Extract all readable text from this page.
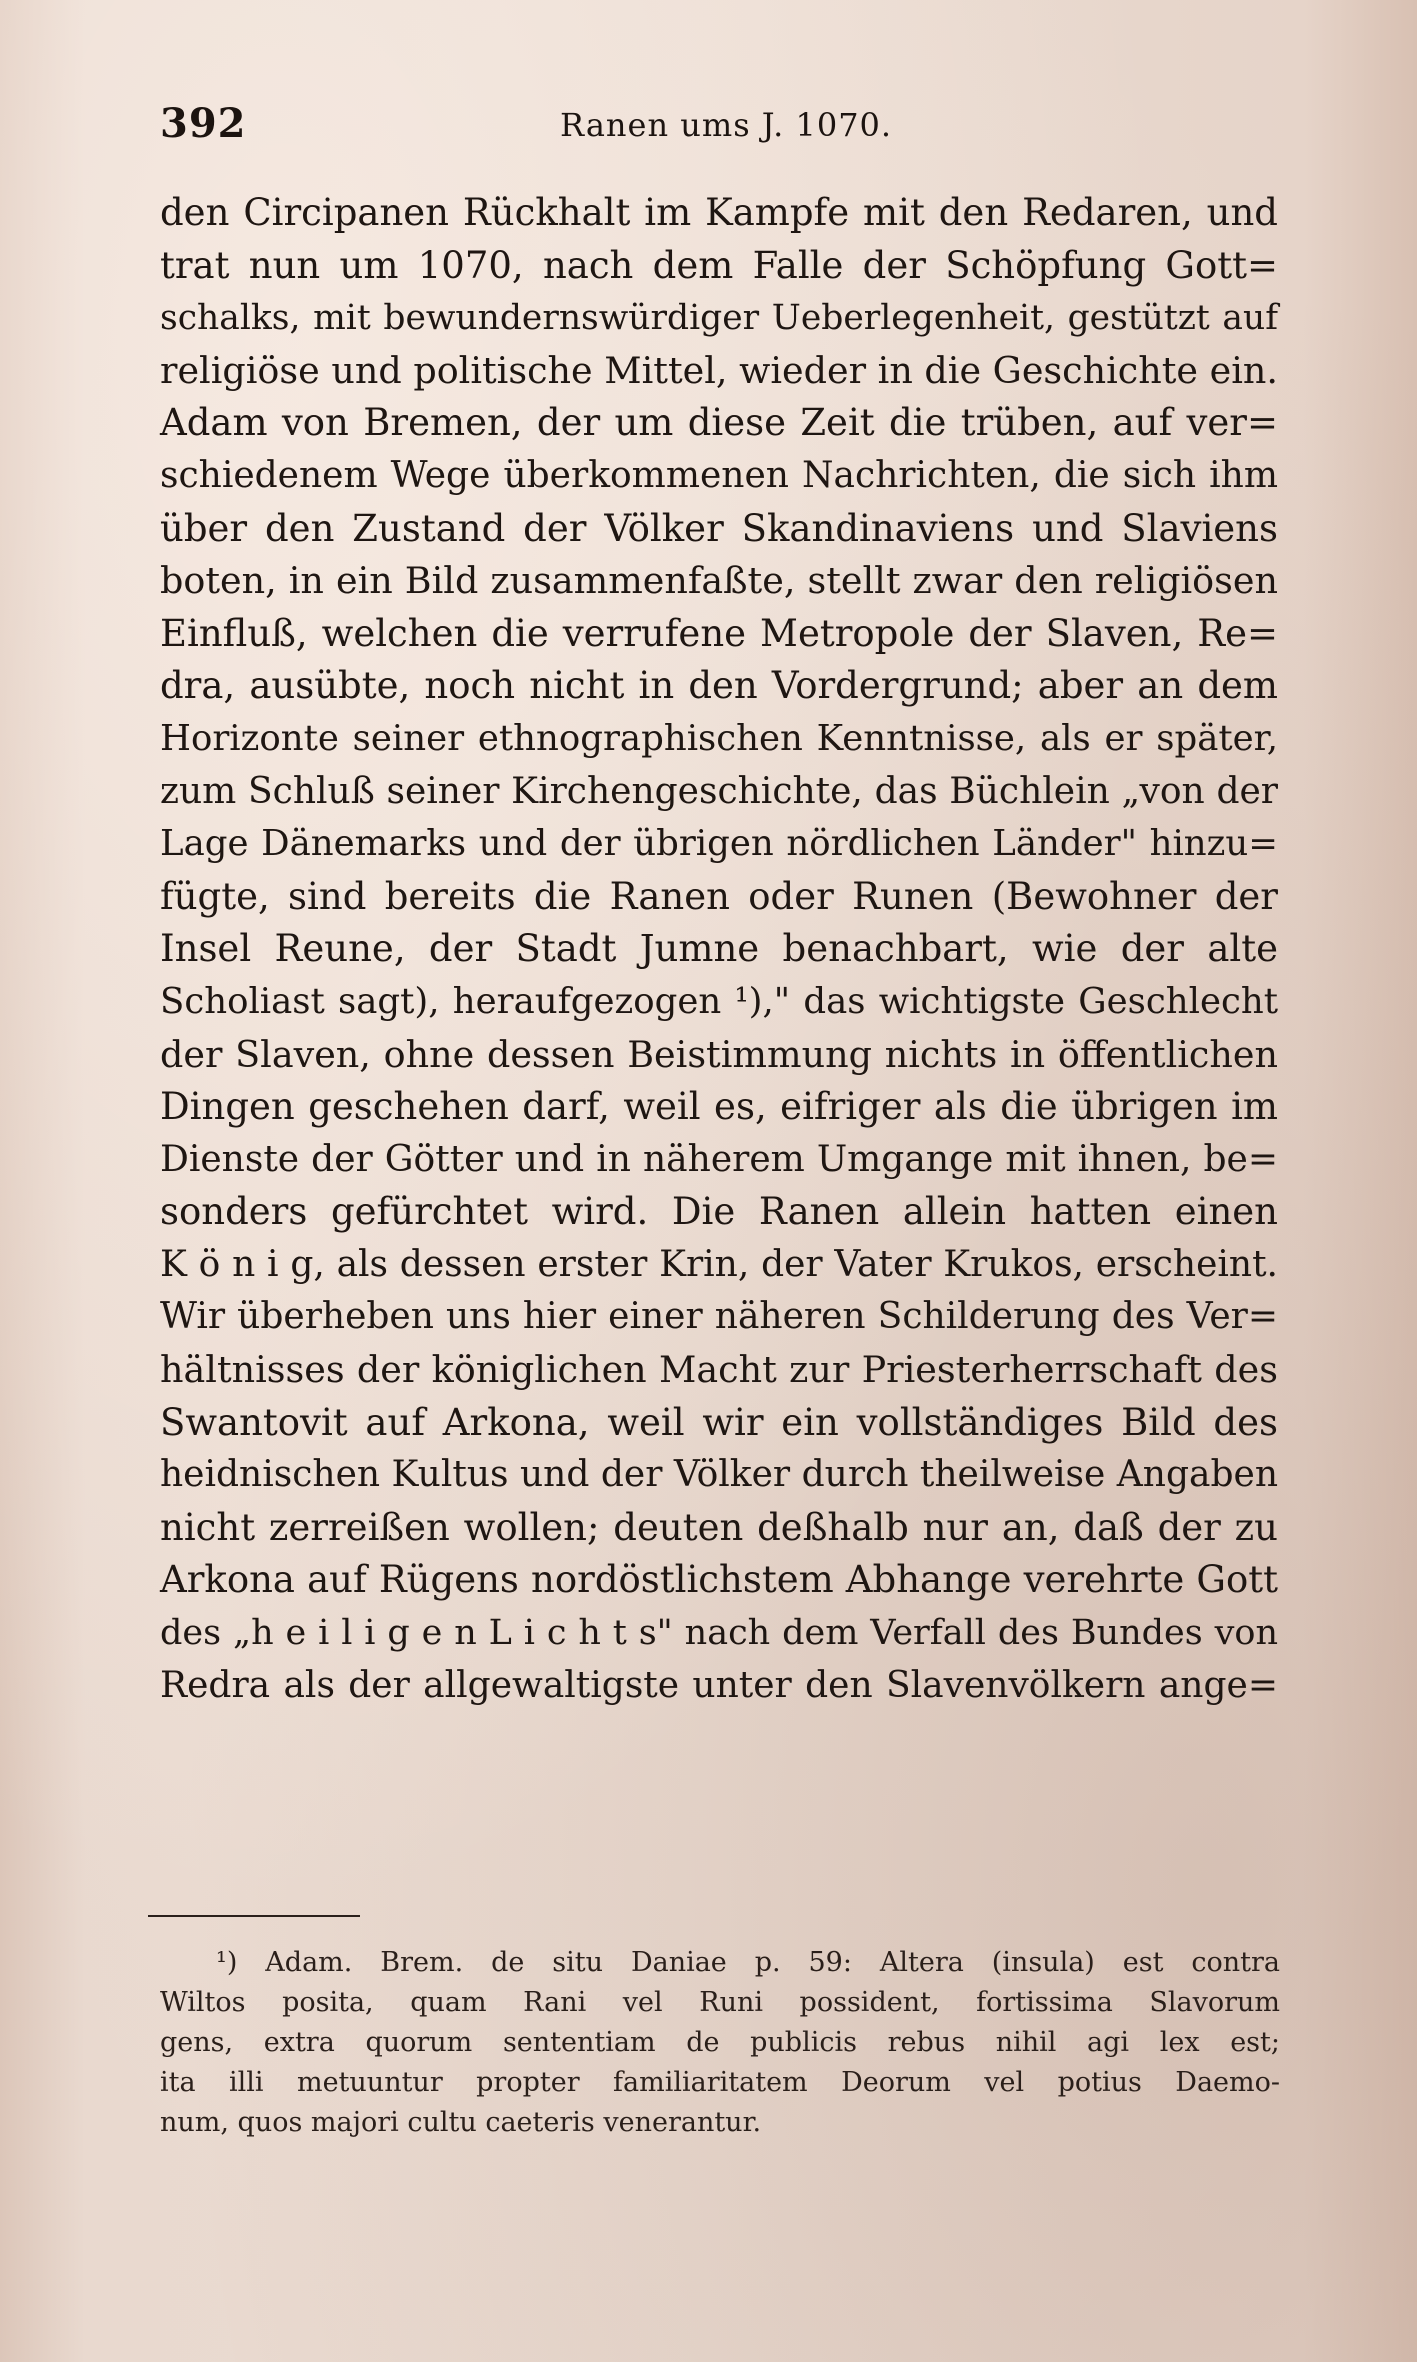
392	Ranen ums J. 1070.
den Circipanen Rückhalt im Kampfe mit den Redaren, und
trat nun um 1070, nach dem Falle der Schöpfung Gott=
schalks, mit bewundernswürdiger Ueberlegenheit, gestützt auf
religiöse und politische Mittel, wieder in die Geschichte ein.
Adam von Bremen, der um diese Zeit die trüben, auf ver=
schiedenem Wege überkommenen Nachrichten, die sich ihm
über den Zustand der Völker Skandinaviens und Slaviens
boten, in ein Bild zusammenfaßte, stellt zwar den religiösen
Einfluß, welchen die verrufene Metropole der Slaven, Re=
dra, ausübte, noch nicht in den Vordergrund; aber an dem
Horizonte seiner ethnographischen Kenntnisse, als er später,
zum Schluß seiner Kirchengeschichte, das Büchlein „von der
Lage Dänemarks und der übrigen nördlichen Länder" hinzu=
fügte, sind bereits die Ranen oder Runen (Bewohner der
Insel Reune, der Stadt Jumne benachbart, wie der alte
Scholiast sagt), heraufgezogen ¹)," das wichtigste Geschlecht
der Slaven, ohne dessen Beistimmung nichts in öffentlichen
Dingen geschehen darf, weil es, eifriger als die übrigen im
Dienste der Götter und in näherem Umgange mit ihnen, be=
sonders gefürchtet wird. Die Ranen allein hatten einen
K ö n i g, als dessen erster Krin, der Vater Krukos, erscheint.
Wir überheben uns hier einer näheren Schilderung des Ver=
hältnisses der königlichen Macht zur Priesterherrschaft des
Swantovit auf Arkona, weil wir ein vollständiges Bild des
heidnischen Kultus und der Völker durch theilweise Angaben
nicht zerreißen wollen; deuten deßhalb nur an, daß der zu
Arkona auf Rügens nordöstlichstem Abhange verehrte Gott
des „h e i l i g e n L i c h t s" nach dem Verfall des Bundes von
Redra als der allgewaltigste unter den Slavenvölkern ange=
¹) Adam. Brem. de situ Daniae p. 59: Altera (insula) est contra
Wiltos posita, quam Rani vel Runi possident, fortissima Slavorum
gens, extra quorum sententiam de publicis rebus nihil agi lex est;
ita illi metuuntur propter familiaritatem Deorum vel potius Daemo-
num, quos majori cultu caeteris venerantur.
